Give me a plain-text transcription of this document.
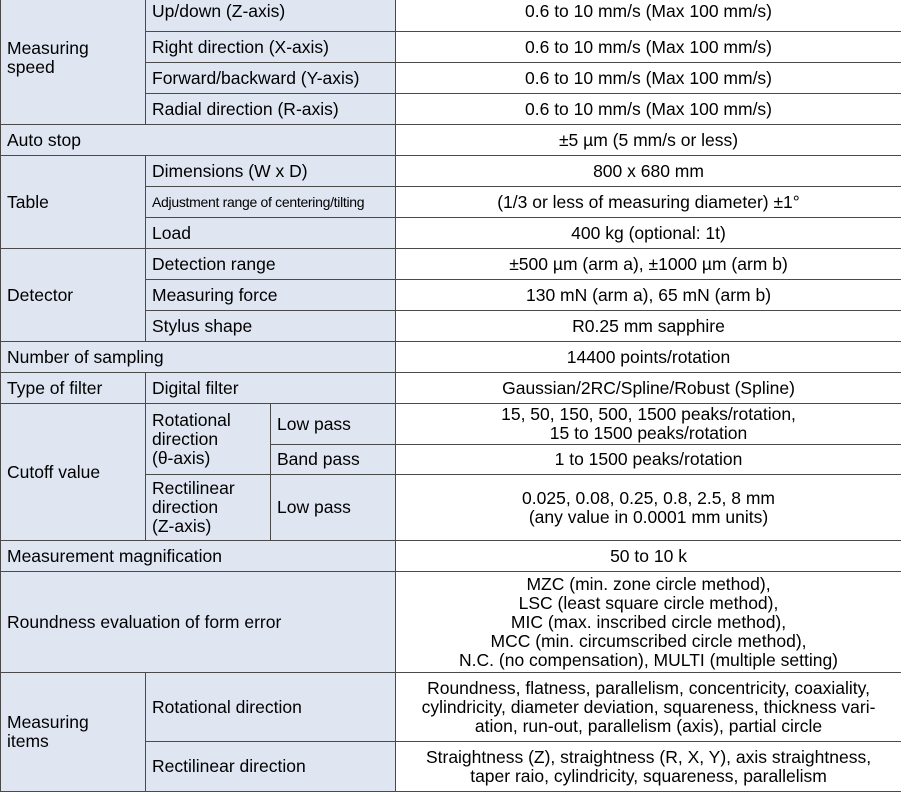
Measuring
speed	Up/down (Z-axis)		0.6 to 10 mm/s (Max 100 mm/s)
	Right direction (X-axis)		0.6 to 10 mm/s (Max 100 mm/s)
	Forward/backward (Y-axis)		0.6 to 10 mm/s (Max 100 mm/s)
	Radial direction (R-axis)		0.6 to 10 mm/s (Max 100 mm/s)
Auto stop			±5 µm (5 mm/s or less)
Table	Dimensions (W x D)		800 x 680 mm
	Adjustment range of centering/tilting		(1/3 or less of measuring diameter) ±1°
	Load		400 kg (optional: 1t)
Detector	Detection range		±500 µm (arm a), ±1000 µm (arm b)
	Measuring force		130 mN (arm a), 65 mN (arm b)
	Stylus shape		R0.25 mm sapphire
Number of sampling			14400 points/rotation
Type of filter	Digital filter		Gaussian/2RC/Spline/Robust (Spline)
Cutoff value	Rotational
direction
(θ-axis)	Low pass	15, 50, 150, 500, 1500 peaks/rotation,
15 to 1500 peaks/rotation
		Band pass	1 to 1500 peaks/rotation
	Rectilinear
direction
(Z-axis)	Low pass	0.025, 0.08, 0.25, 0.8, 2.5, 8 mm
(any value in 0.0001 mm units)
Measurement magnification			50 to 10 k
Roundness evaluation of form error			MZC (min. zone circle method),
LSC (least square circle method),
MIC (max. inscribed circle method),
MCC (min. circumscribed circle method),
N.C. (no compensation), MULTI (multiple setting)
Measuring
items	Rotational direction		Roundness, flatness, parallelism, concentricity, coaxiality,
cylindricity, diameter deviation, squareness, thickness vari-
ation, run-out, parallelism (axis), partial circle
	Rectilinear direction		Straightness (Z), straightness (R, X, Y), axis straightness,
taper raio, cylindricity, squareness, parallelism
